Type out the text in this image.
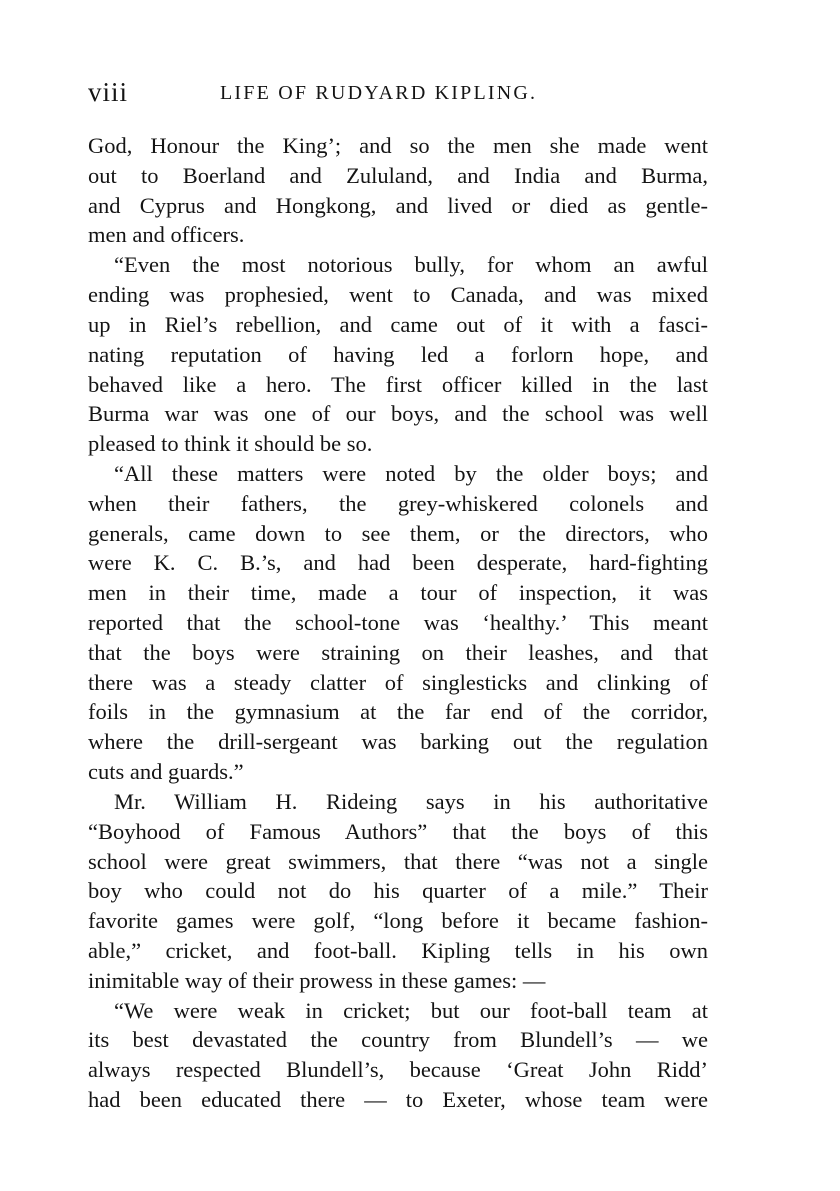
viii	LIFE OF RUDYARD KIPLING.
God, Honour the King’; and so the men she made went
out to Boerland and Zululand, and India and Burma,
and Cyprus and Hongkong, and lived or died as gentle-
men and officers.
“Even the most notorious bully, for whom an awful
ending was prophesied, went to Canada, and was mixed
up in Riel’s rebellion, and came out of it with a fasci-
nating reputation of having led a forlorn hope, and
behaved like a hero. The first officer killed in the last
Burma war was one of our boys, and the school was well
pleased to think it should be so.
“All these matters were noted by the older boys; and
when their fathers, the grey-whiskered colonels and
generals, came down to see them, or the directors, who
were K. C. B.’s, and had been desperate, hard-fighting
men in their time, made a tour of inspection, it was
reported that the school-tone was ‘healthy.’ This meant
that the boys were straining on their leashes, and that
there was a steady clatter of singlesticks and clinking of
foils in the gymnasium at the far end of the corridor,
where the drill-sergeant was barking out the regulation
cuts and guards.”
Mr. William H. Rideing says in his authoritative
“Boyhood of Famous Authors” that the boys of this
school were great swimmers, that there “was not a single
boy who could not do his quarter of a mile.” Their
favorite games were golf, “long before it became fashion-
able,” cricket, and foot-ball. Kipling tells in his own
inimitable way of their prowess in these games: —
“We were weak in cricket; but our foot-ball team at
its best devastated the country from Blundell’s — we
always respected Blundell’s, because ‘Great John Ridd’
had been educated there — to Exeter, whose team were
